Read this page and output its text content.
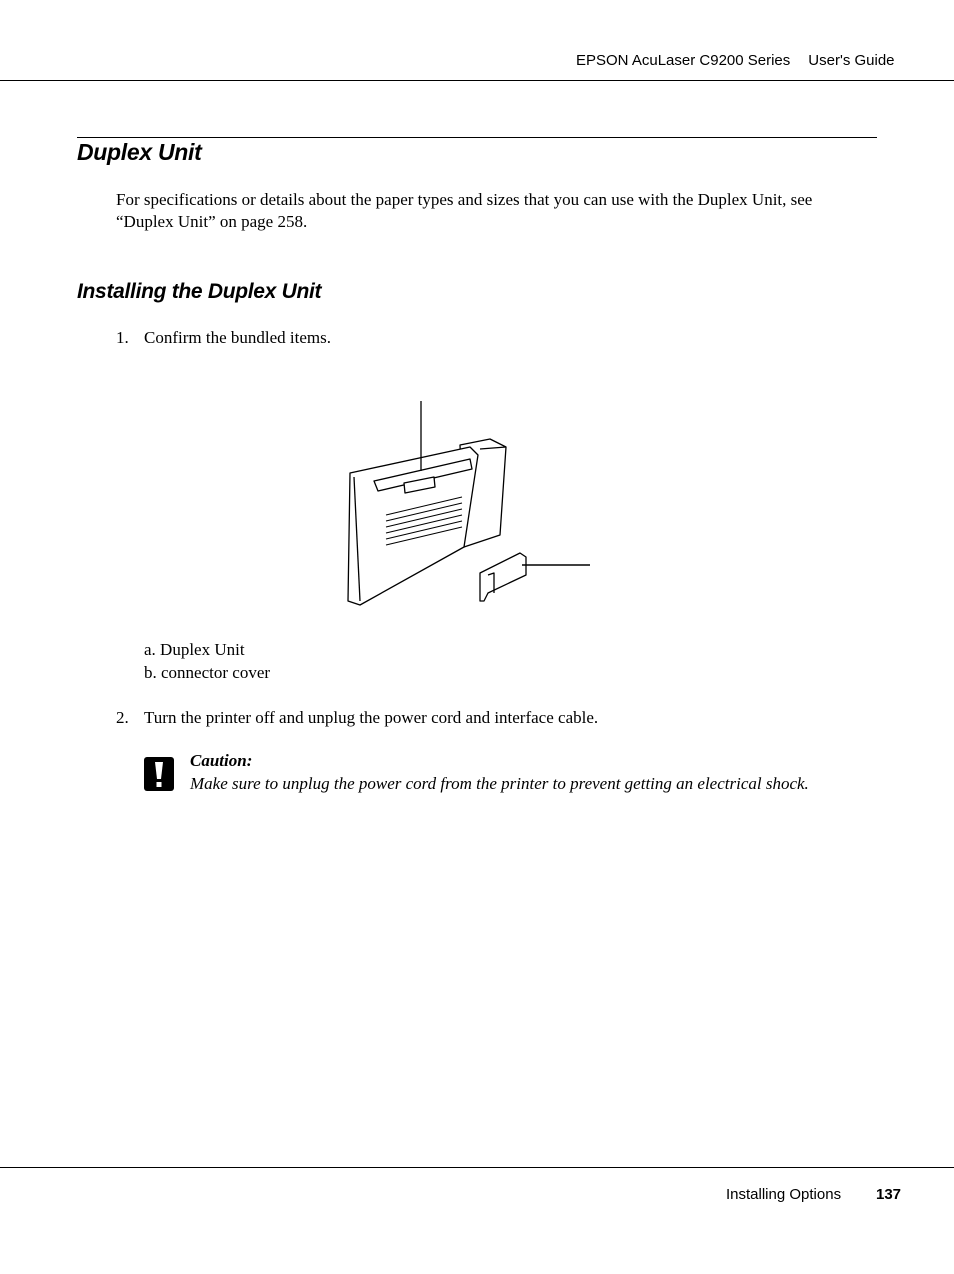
EPSON AcuLaser C9200 Series User's Guide
Duplex Unit
For specifications or details about the paper types and sizes that you can use with the Duplex Unit, see
“Duplex Unit” on page 258.
Installing the Duplex Unit
1. Confirm the bundled items.
a. Duplex Unit
b. connector cover
2. Turn the printer off and unplug the power cord and interface cable.
Caution:
Make sure to unplug the power cord from the printer to prevent getting an electrical shock.
Installing Options 137
